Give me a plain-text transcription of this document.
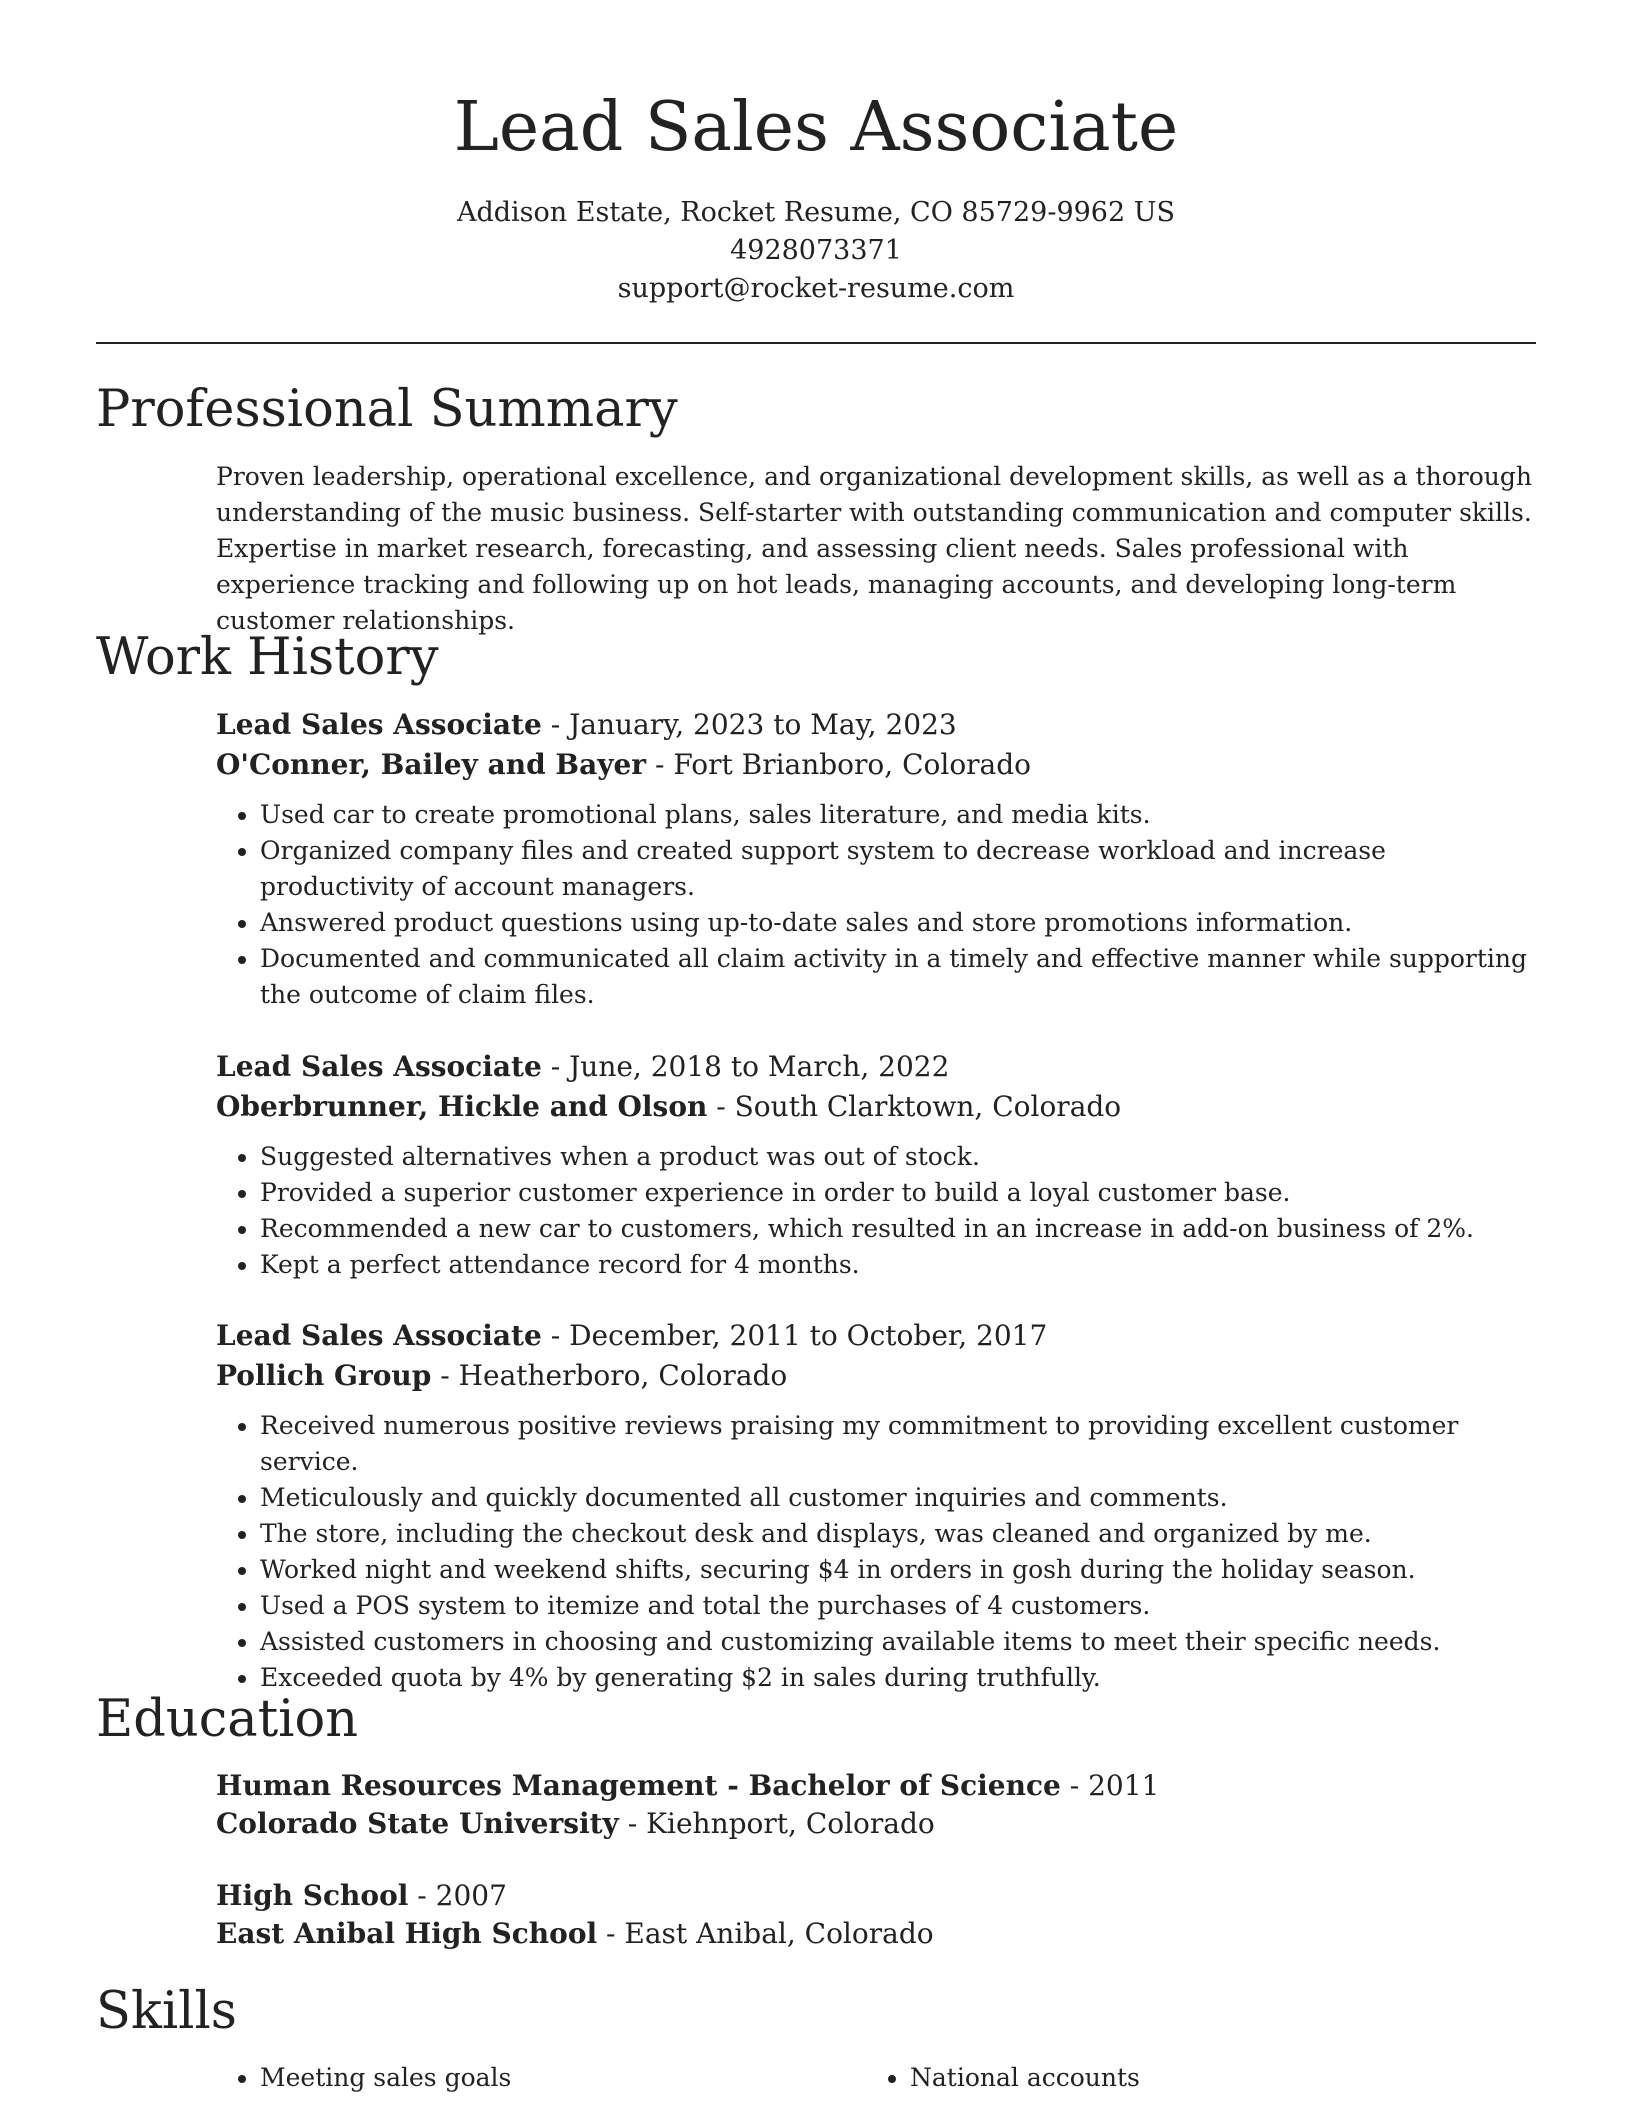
Lead Sales Associate
Addison Estate, Rocket Resume, CO 85729-9962 US
4928073371
support@rocket-resume.com
Professional Summary

Proven leadership, operational excellence, and organizational development skills, as well as a thorough understanding of the music business. Self-starter with outstanding communication and computer skills. Expertise in market research, forecasting, and assessing client needs. Sales professional with experience tracking and following up on hot leads, managing accounts, and developing long-term customer relationships.

Work History

Lead Sales Associate - January, 2023 to May, 2023

O'Conner, Bailey and Bayer - Fort Brianboro, Colorado

• Used car to create promotional plans, sales literature, and media kits.
• Organized company files and created support system to decrease workload and increase productivity of account managers.
• Answered product questions using up-to-date sales and store promotions information.
• Documented and communicated all claim activity in a timely and effective manner while supporting the outcome of claim files.

Lead Sales Associate - June, 2018 to March, 2022

Oberbrunner, Hickle and Olson - South Clarktown, Colorado

• Suggested alternatives when a product was out of stock.
• Provided a superior customer experience in order to build a loyal customer base.
• Recommended a new car to customers, which resulted in an increase in add-on business of 2%.
• Kept a perfect attendance record for 4 months.

Lead Sales Associate - December, 2011 to October, 2017

Pollich Group - Heatherboro, Colorado

• Received numerous positive reviews praising my commitment to providing excellent customer service.
• Meticulously and quickly documented all customer inquiries and comments.
• The store, including the checkout desk and displays, was cleaned and organized by me.
• Worked night and weekend shifts, securing $4 in orders in gosh during the holiday season.
• Used a POS system to itemize and total the purchases of 4 customers.
• Assisted customers in choosing and customizing available items to meet their specific needs.
• Exceeded quota by 4% by generating $2 in sales during truthfully.
Education

Human Resources Management - Bachelor of Science - 2011

Colorado State University - Kiehnport, Colorado

High School - 2007

East Anibal High School - East Anibal, Colorado

Skills
• Meeting sales goals
•	National accounts
